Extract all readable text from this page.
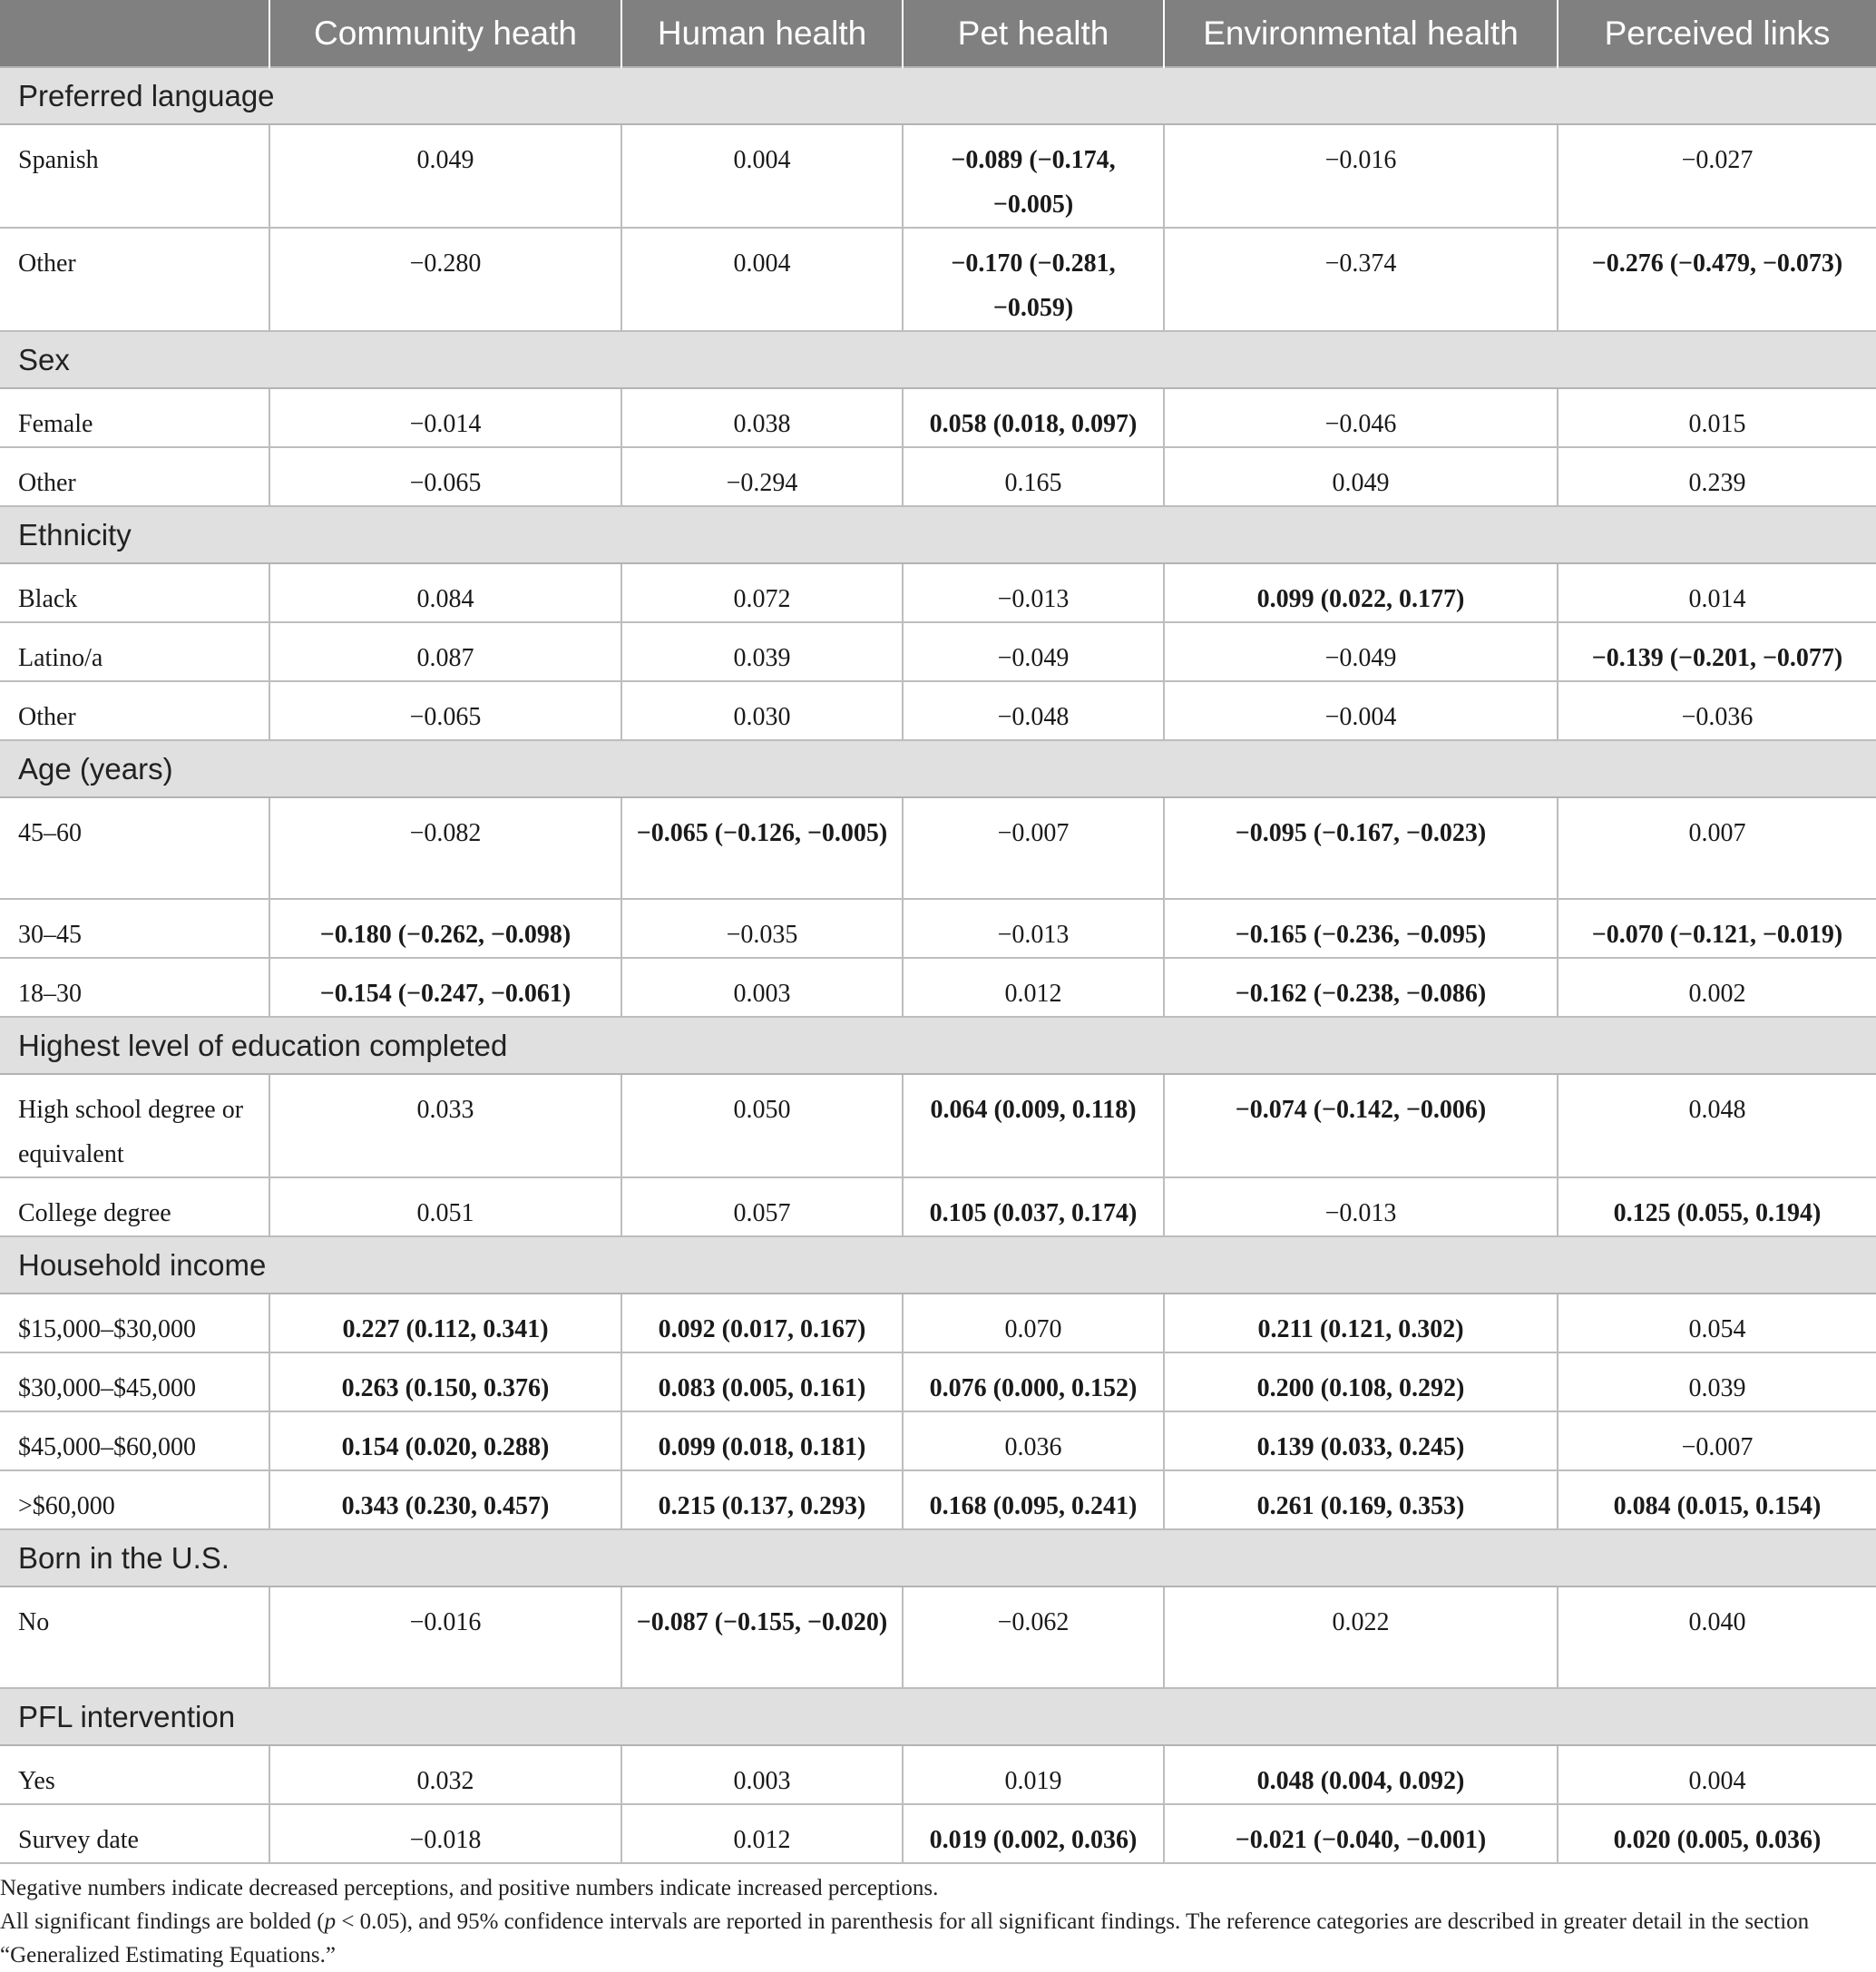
	Community heath	Human health	Pet health	Environmental health	Perceived links
Preferred language					
Spanish	0.049	0.004	−0.089 (−0.174, −0.005)	−0.016	−0.027
Other	−0.280	0.004	−0.170 (−0.281, −0.059)	−0.374	−0.276 (−0.479, −0.073)
Sex					
Female	−0.014	0.038	0.058 (0.018, 0.097)	−0.046	0.015
Other	−0.065	−0.294	0.165	0.049	0.239
Ethnicity					
Black	0.084	0.072	−0.013	0.099 (0.022, 0.177)	0.014
Latino/a	0.087	0.039	−0.049	−0.049	−0.139 (−0.201, −0.077)
Other	−0.065	0.030	−0.048	−0.004	−0.036
Age (years)					
45–60	−0.082	−0.065 (−0.126, −0.005)	−0.007	−0.095 (−0.167, −0.023)	0.007
30–45	−0.180 (−0.262, −0.098)	−0.035	−0.013	−0.165 (−0.236, −0.095)	−0.070 (−0.121, −0.019)
18–30	−0.154 (−0.247, −0.061)	0.003	0.012	−0.162 (−0.238, −0.086)	0.002
Highest level of education completed					
High school degree or equivalent	0.033	0.050	0.064 (0.009, 0.118)	−0.074 (−0.142, −0.006)	0.048
College degree	0.051	0.057	0.105 (0.037, 0.174)	−0.013	0.125 (0.055, 0.194)
Household income					
$15,000–$30,000	0.227 (0.112, 0.341)	0.092 (0.017, 0.167)	0.070	0.211 (0.121, 0.302)	0.054
$30,000–$45,000	0.263 (0.150, 0.376)	0.083 (0.005, 0.161)	0.076 (0.000, 0.152)	0.200 (0.108, 0.292)	0.039
$45,000–$60,000	0.154 (0.020, 0.288)	0.099 (0.018, 0.181)	0.036	0.139 (0.033, 0.245)	−0.007
>$60,000	0.343 (0.230, 0.457)	0.215 (0.137, 0.293)	0.168 (0.095, 0.241)	0.261 (0.169, 0.353)	0.084 (0.015, 0.154)
Born in the U.S.					
No	−0.016	−0.087 (−0.155, −0.020)	−0.062	0.022	0.040
PFL intervention					
Yes	0.032	0.003	0.019	0.048 (0.004, 0.092)	0.004
Survey date	−0.018	0.012	0.019 (0.002, 0.036)	−0.021 (−0.040, −0.001)	0.020 (0.005, 0.036)

Negative numbers indicate decreased perceptions, and positive numbers indicate increased perceptions.

All significant findings are bolded (p < 0.05), and 95% confidence intervals are reported in parenthesis for all significant findings. The reference categories are described in greater detail in the section “Generalized Estimating Equations.”
